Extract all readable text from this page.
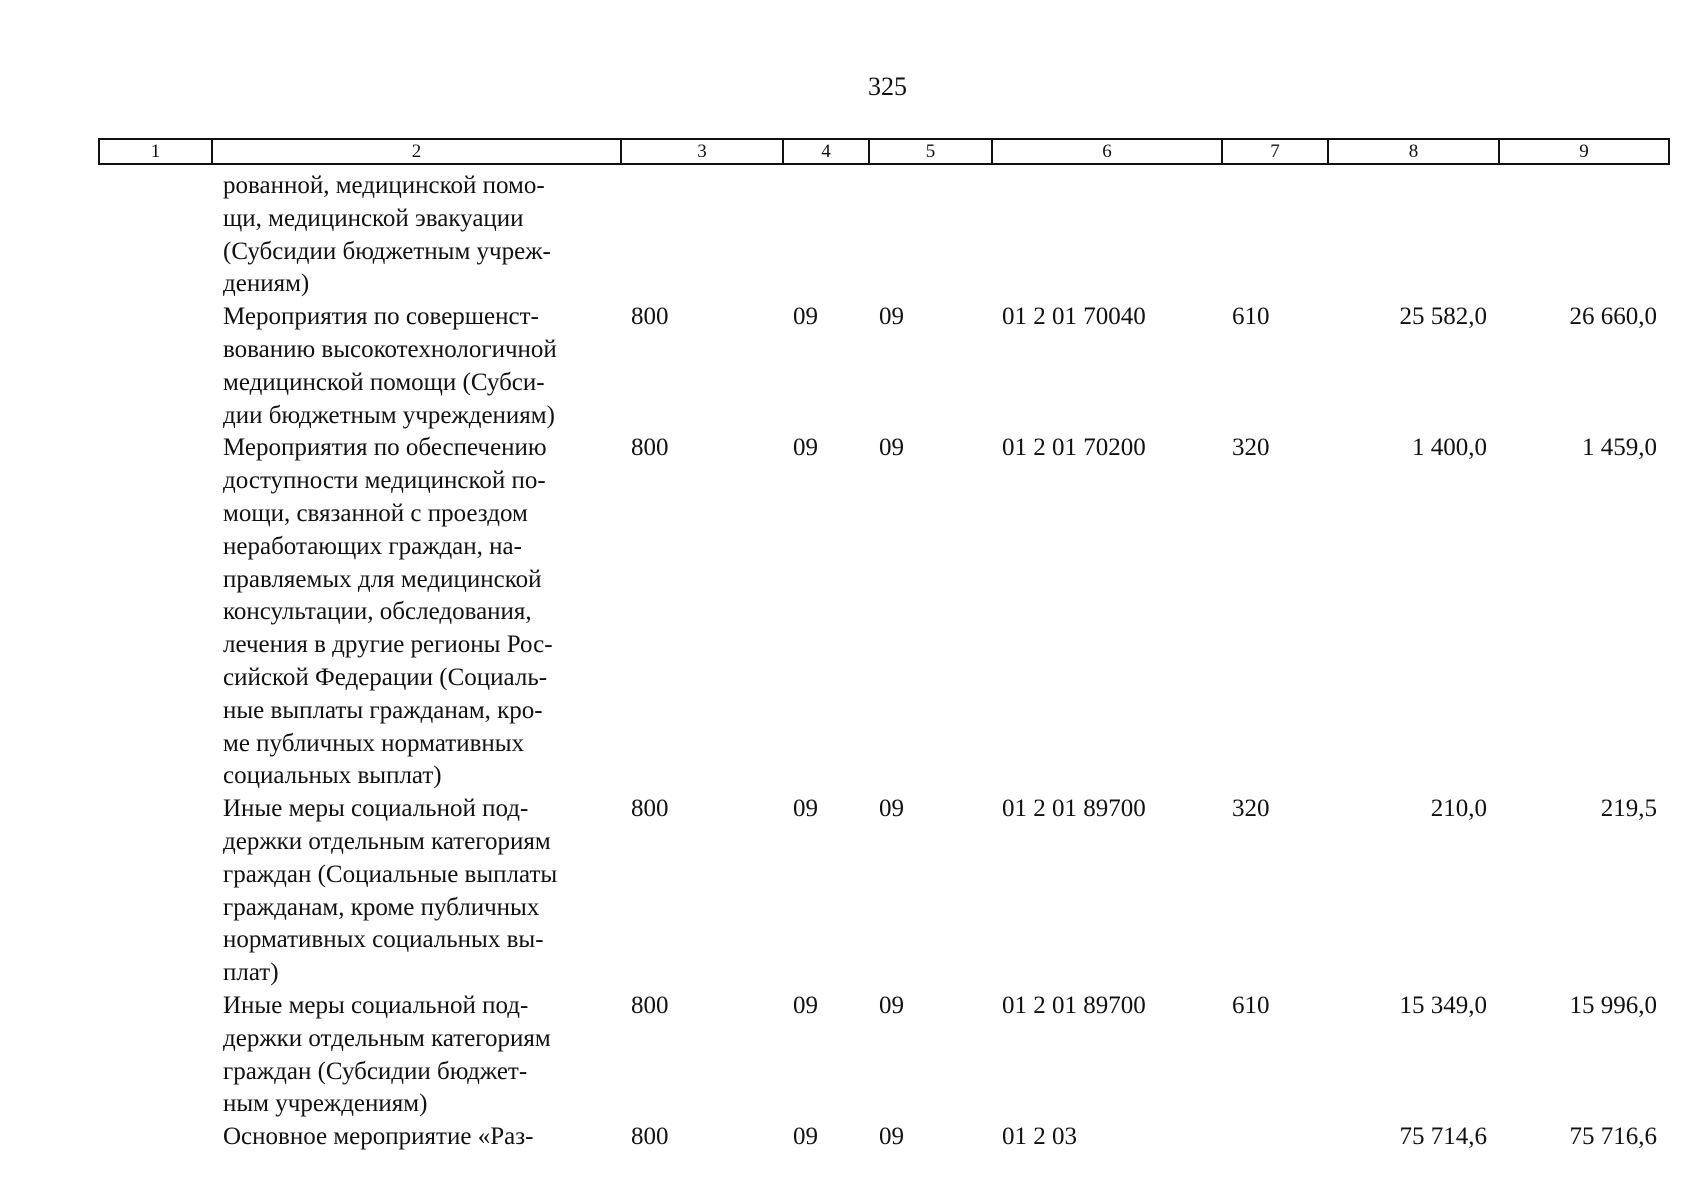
325
1	2	3	4	5	6	7	8	9
рованной, медицинской помо-
щи, медицинской эвакуации
(Субсидии бюджетным учреж-
дениям)
Мероприятия по совершенст-
вованию высокотехнологичной
медицинской помощи (Субси-
дии бюджетным учреждениям)
800	09	09	01 2 01 70040	610	25 582,0	26 660,0
Мероприятия по обеспечению
доступности медицинской по-
мощи, связанной с проездом
неработающих граждан, на-
правляемых для медицинской
консультации, обследования,
лечения в другие регионы Рос-
сийской Федерации (Социаль-
ные выплаты гражданам, кро-
ме публичных нормативных
социальных выплат)
800	09	09	01 2 01 70200	320	1 400,0	1 459,0
Иные меры социальной под-
держки отдельным категориям
граждан (Социальные выплаты
гражданам, кроме публичных
нормативных социальных вы-
плат)
800	09	09	01 2 01 89700	320	210,0	219,5
Иные меры социальной под-
держки отдельным категориям
граждан (Субсидии бюджет-
ным учреждениям)
800	09	09	01 2 01 89700	610	15 349,0	15 996,0
Основное мероприятие «Раз-	800	09	09	01 2 03	75 714,6	75 716,6
